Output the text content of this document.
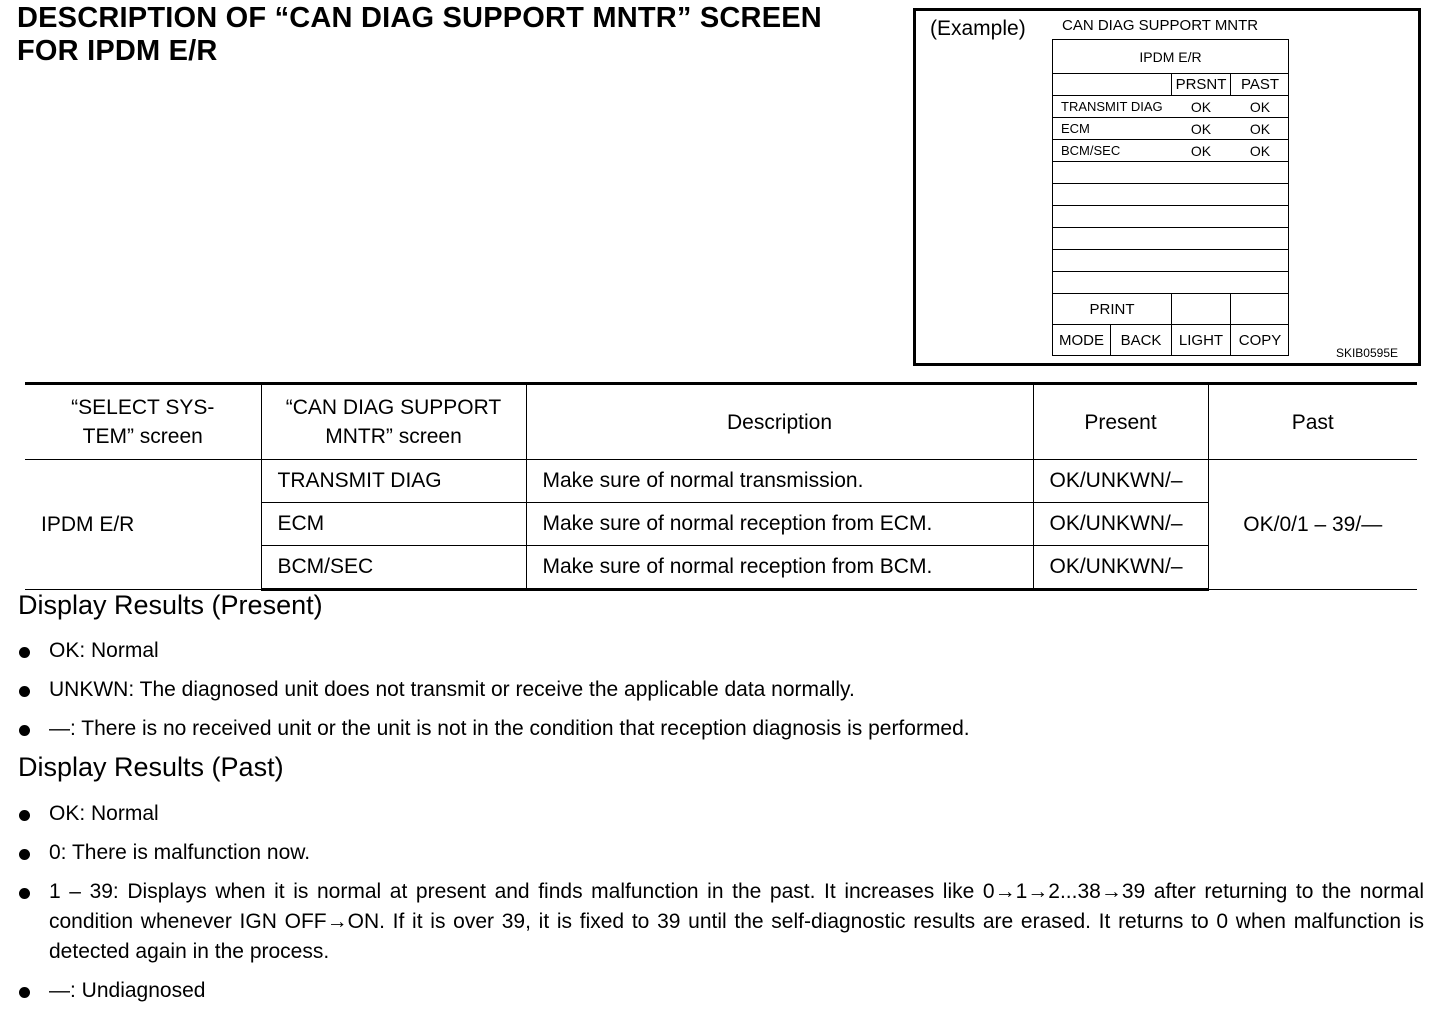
DESCRIPTION OF “CAN DIAG SUPPORT MNTR” SCREEN
FOR IPDM E/R
(Example) CAN DIAG SUPPORT MNTR
IPDM E/R
PRSNT PAST
TRANSMIT DIAG	OK	OK
ECM	OK	OK
BCM/SEC	OK	OK
PRINT
MODE	BACK	LIGHT	COPY
SKIB0595E
“SELECT SYS-
TEM” screen	“CAN DIAG SUPPORT
MNTR” screen	Description	Present	Past
IPDM E/R	TRANSMIT DIAG	Make sure of normal transmission.	OK/UNKWN/–	OK/0/1 – 39/—
	ECM	Make sure of normal reception from ECM.	OK/UNKWN/–	
	BCM/SEC	Make sure of normal reception from BCM.	OK/UNKWN/–	
Display Results (Present)
OK: Normal
UNKWN: The diagnosed unit does not transmit or receive the applicable data normally.
—: There is no received unit or the unit is not in the condition that reception diagnosis is performed.
Display Results (Past)
OK: Normal
0: There is malfunction now.
1 – 39: Displays when it is normal at present and finds malfunction in the past. It increases like 0→1→2...38→39 after returning to the normal condition whenever IGN OFF→ON. If it is over 39, it is fixed to 39 until the self-diagnostic results are erased. It returns to 0 when malfunction is detected again in the process.
—: Undiagnosed
